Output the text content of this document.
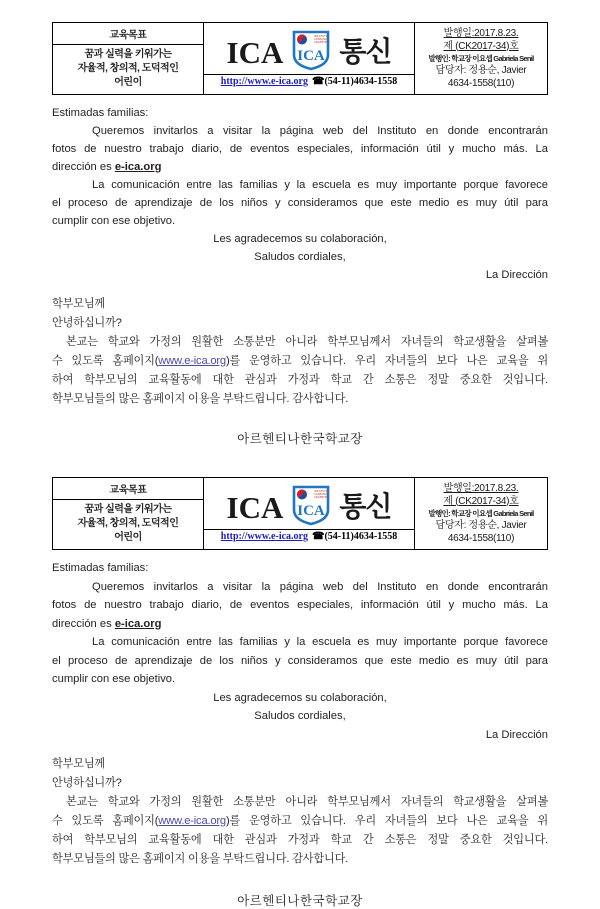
교육목표
꿈과 실력을 키워가는
자율적, 창의적, 도덕적인
어린이

ICA	INSTITUTO
COREANO
ARGENTINO
ICA 통신
http://www.e-ica.org ☎(54-11)4634-1558

발행일:2017.8.23.
제 (CK2017-34)호
발행인: 학교장 이요셉 Gabriela Senil
담당자: 정용순, Javier
4634-1558(110)
Estimadas familias:
Queremos invitarlos a visitar la página web del Instituto en donde encontrarán
fotos de nuestro trabajo diario, de eventos especiales, información útil y mucho más. La
dirección es e-ica.org
La comunicación entre las familias y la escuela es muy importante porque favorece
el proceso de aprendizaje de los niños y consideramos que este medio es muy útil para
cumplir con ese objetivo.
Les agradecemos su colaboración,
Saludos cordiales,
La Dirección
학부모님께
안녕하십니까?
본교는 학교와 가정의 원활한 소통분만 아니라 학부모님께서 자녀들의 학교생활을 살펴볼
수 있도록 홈페이지(www.e-ica.org)를 운영하고 있습니다. 우리 자녀들의 보다 나은 교육을 위
하여 학부모님의 교육활동에 대한 관심과 가정과 학교 간 소통은 정말 중요한 것입니다.
학부모님들의 많은 홈페이지 이용을 부탁드립니다. 감사합니다.
아르헨티나한국학교장
교육목표
꿈과 실력을 키워가는
자율적, 창의적, 도덕적인
어린이

ICA	INSTITUTO
COREANO
ARGENTINO
ICA 통신
http://www.e-ica.org ☎(54-11)4634-1558

발행일:2017.8.23.
제 (CK2017-34)호
발행인: 학교장 이요셉 Gabriela Senil
담당자: 정용순, Javier
4634-1558(110)
Estimadas familias:
Queremos invitarlos a visitar la página web del Instituto en donde encontrarán
fotos de nuestro trabajo diario, de eventos especiales, información útil y mucho más. La
dirección es e-ica.org
La comunicación entre las familias y la escuela es muy importante porque favorece
el proceso de aprendizaje de los niños y consideramos que este medio es muy útil para
cumplir con ese objetivo.
Les agradecemos su colaboración,
Saludos cordiales,
La Dirección
학부모님께
안녕하십니까?
본교는 학교와 가정의 원활한 소통분만 아니라 학부모님께서 자녀들의 학교생활을 살펴볼
수 있도록 홈페이지(www.e-ica.org)를 운영하고 있습니다. 우리 자녀들의 보다 나은 교육을 위
하여 학부모님의 교육활동에 대한 관심과 가정과 학교 간 소통은 정말 중요한 것입니다.
학부모님들의 많은 홈페이지 이용을 부탁드립니다. 감사합니다.
아르헨티나한국학교장
